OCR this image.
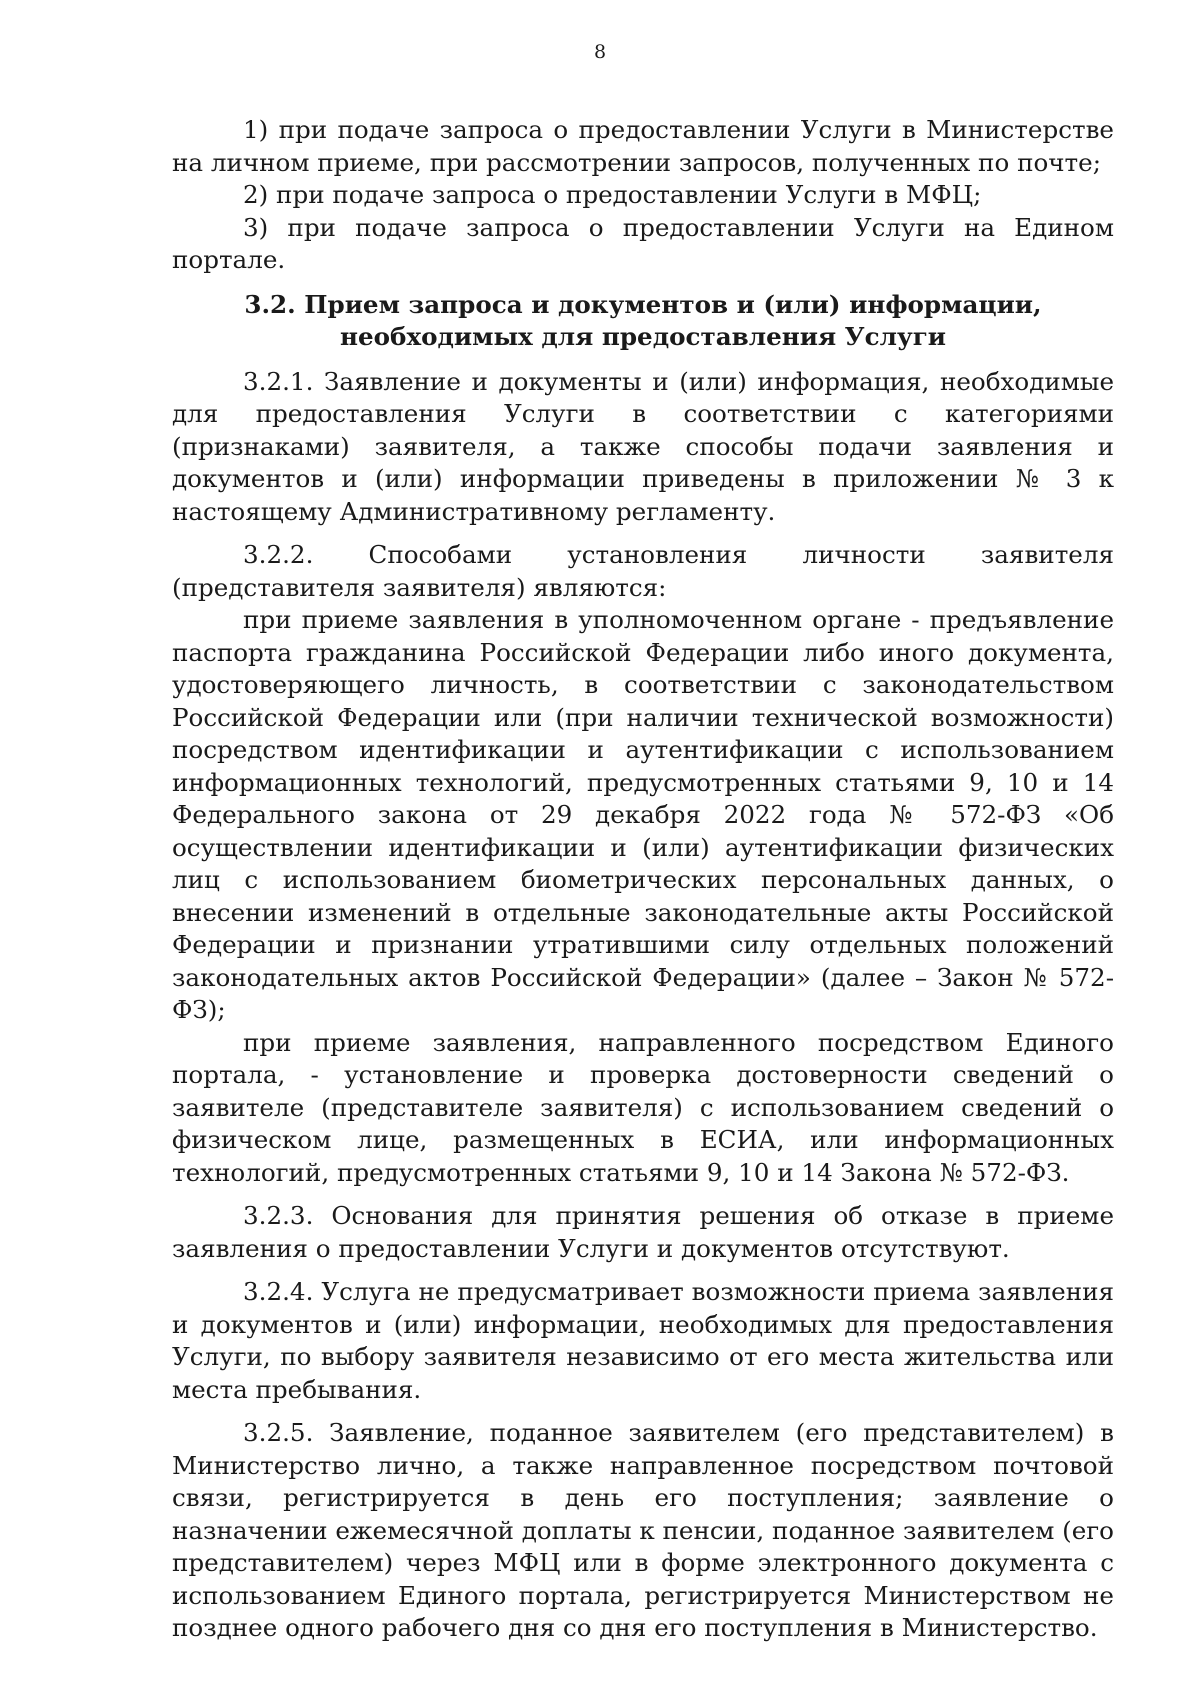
8

1) при подаче запроса о предоставлении Услуги в Министерстве на личном приеме, при рассмотрении запросов, полученных по почте;

2) при подаче запроса о предоставлении Услуги в МФЦ;

3) при подаче запроса о предоставлении Услуги на Едином портале.

3.2. Прием запроса и документов и (или) информации, необходимых для предоставления Услуги

3.2.1. Заявление и документы и (или) информация, необходимые для предоставления Услуги в соответствии с категориями (признаками) заявителя, а также способы подачи заявления и документов и (или) информации приведены в приложении № 3 к настоящему Административному регламенту.

3.2.2. Способами установления личности заявителя (представителя заявителя) являются:

при приеме заявления в уполномоченном органе - предъявление паспорта гражданина Российской Федерации либо иного документа, удостоверяющего личность, в соответствии с законодательством Российской Федерации или (при наличии технической возможности) посредством идентификации и аутентификации с использованием информационных технологий, предусмотренных статьями 9, 10 и 14 Федерального закона от 29 декабря 2022 года № 572-ФЗ «Об осуществлении идентификации и (или) аутентификации физических лиц с использованием биометрических персональных данных, о внесении изменений в отдельные законодательные акты Российской Федерации и признании утратившими силу отдельных положений законодательных актов Российской Федерации» (далее – Закон № 572-ФЗ);

при приеме заявления, направленного посредством Единого портала, - установление и проверка достоверности сведений о заявителе (представителе заявителя) с использованием сведений о физическом лице, размещенных в ЕСИА, или информационных технологий, предусмотренных статьями 9, 10 и 14 Закона № 572-ФЗ.

3.2.3. Основания для принятия решения об отказе в приеме заявления о предоставлении Услуги и документов отсутствуют.

3.2.4. Услуга не предусматривает возможности приема заявления и документов и (или) информации, необходимых для предоставления Услуги, по выбору заявителя независимо от его места жительства или места пребывания.

3.2.5. Заявление, поданное заявителем (его представителем) в Министерство лично, а также направленное посредством почтовой связи, регистрируется в день его поступления; заявление о назначении ежемесячной доплаты к пенсии, поданное заявителем (его представителем) через МФЦ или в форме электронного документа с использованием Единого портала, регистрируется Министерством не позднее одного рабочего дня со дня его поступления в Министерство.
